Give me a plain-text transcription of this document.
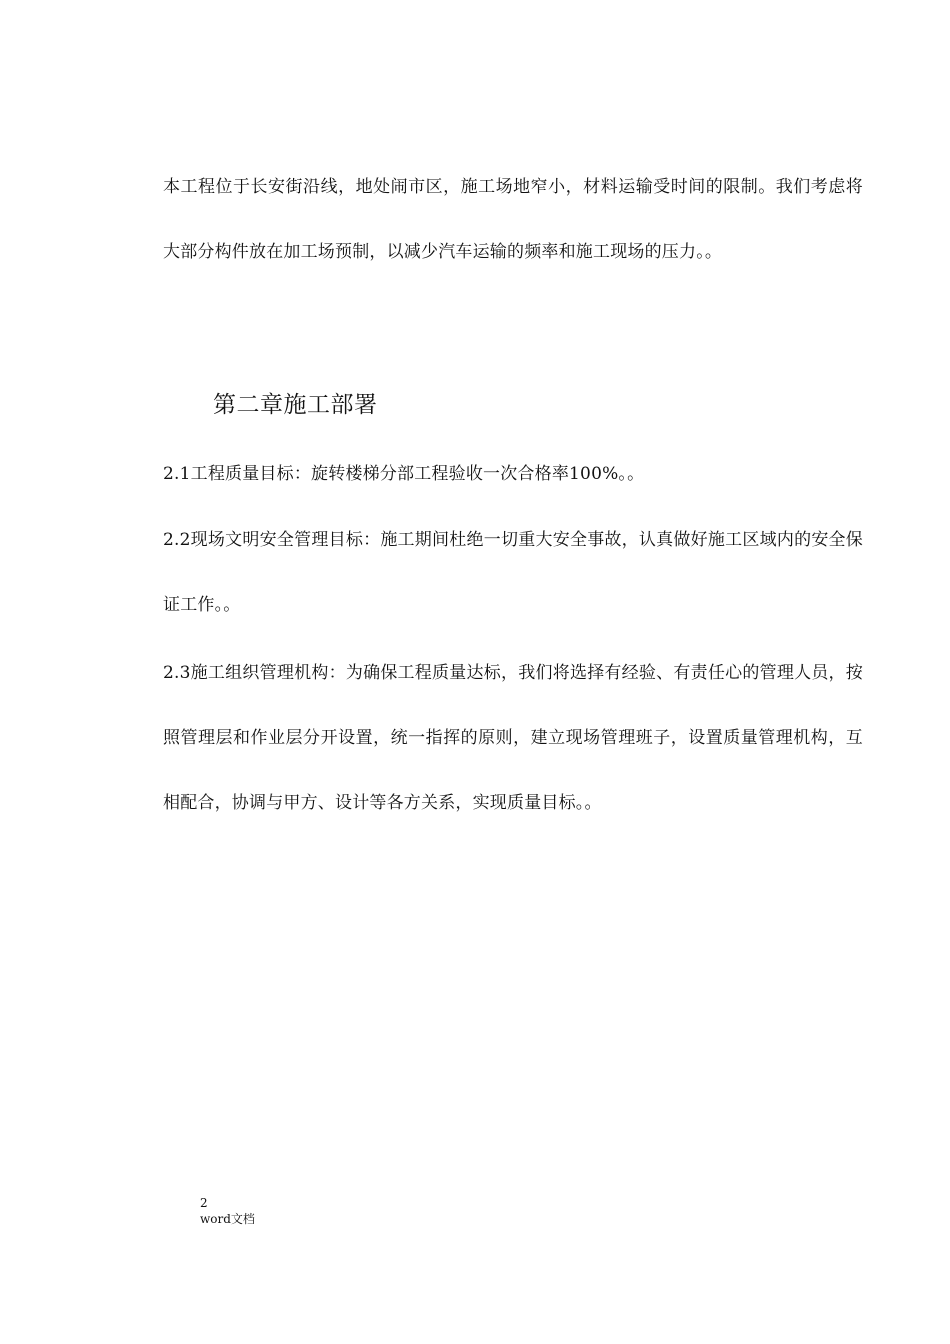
本工程位于长安街沿线，地处闹市区，施工场地窄小，材料运输受时间的限制。我们考虑将大部分构件放在加工场预制，以减少汽车运输的频率和施工现场的压力。。

第二章施工部署

2.1工程质量目标：旋转楼梯分部工程验收一次合格率100%。。

2.2现场文明安全管理目标：施工期间杜绝一切重大安全事故，认真做好施工区域内的安全保证工作。。

2.3施工组织管理机构：为确保工程质量达标，我们将选择有经验、有责任心的管理人员，按照管理层和作业层分开设置，统一指挥的原则，建立现场管理班子，设置质量管理机构，互相配合，协调与甲方、设计等各方关系，实现质量目标。。

2
word文档
